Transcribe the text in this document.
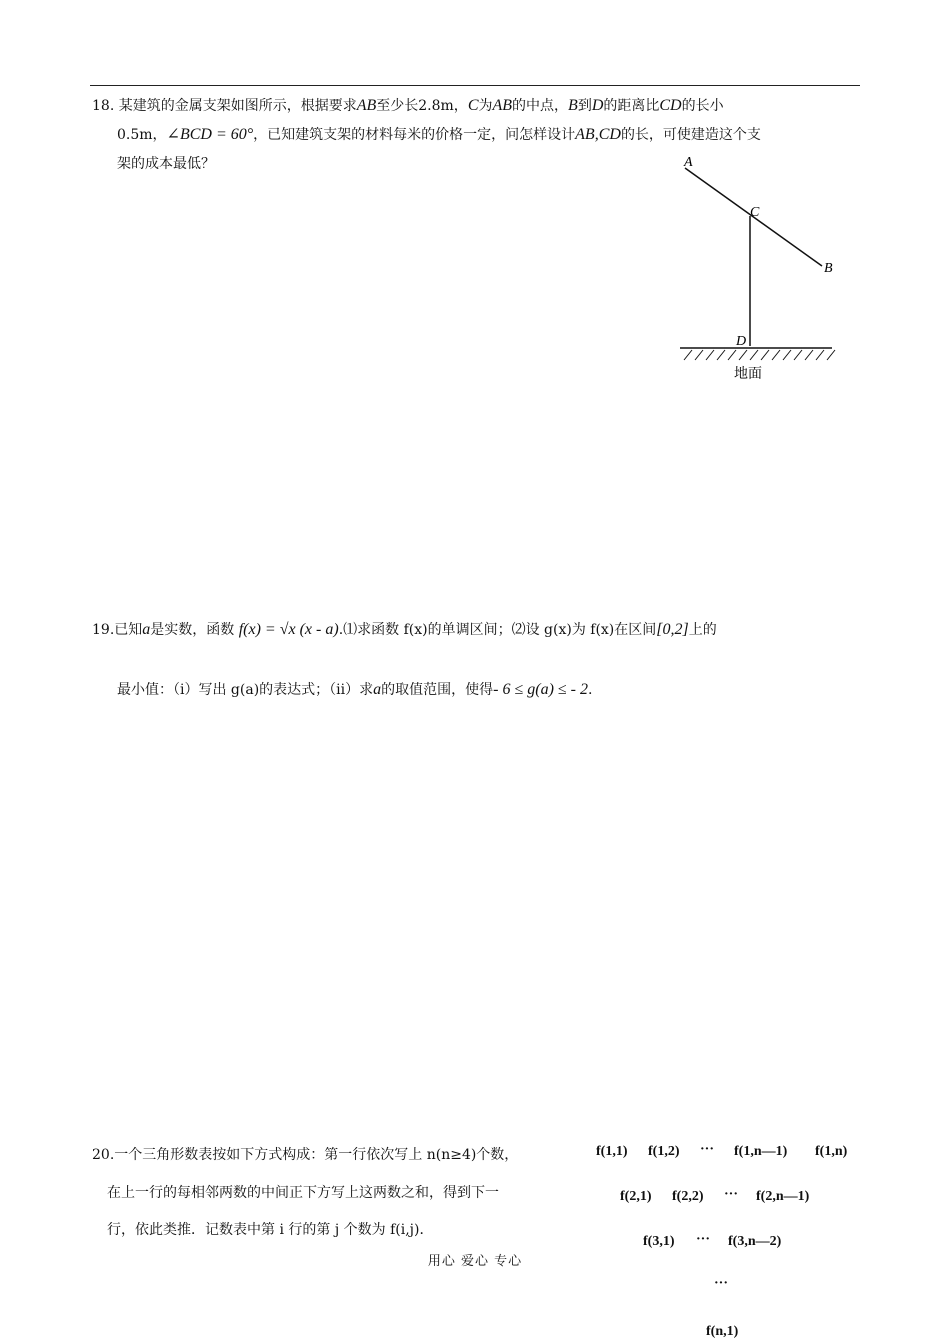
18. 某建筑的金属支架如图所示，根据要求AB至少长2.8m，C为AB的中点，B到D的距离比CD的长小
0.5m，∠BCD = 60°，已知建筑支架的材料每米的价格一定，问怎样设计AB,CD的长，可使建造这个支
架的成本最低？	A
C
B
D
地面
19.已知a是实数，函数 f(x) = √x (x - a).⑴求函数 f(x)的单调区间；⑵设 g(x)为 f(x)在区间[0,2]上的
最小值：（i）写出 g(a)的表达式；（ii）求a的取值范围，使得- 6 ≤ g(a) ≤ - 2.
20.一个三角形数表按如下方式构成：第一行依次写上 n(n≥4)个数，
在上一行的每相邻两数的中间正下方写上这两数之和，得到下一
行，依此类推．记数表中第 i 行的第 j 个数为 f(i,j)．
f(1,1) f(1,2) ··· f(1,n—1) f(1,n)
f(2,1) f(2,2) ··· f(2,n—1)
f(3,1) ··· f(3,n—2)
···
f(n,1)
用心 爱心 专心
